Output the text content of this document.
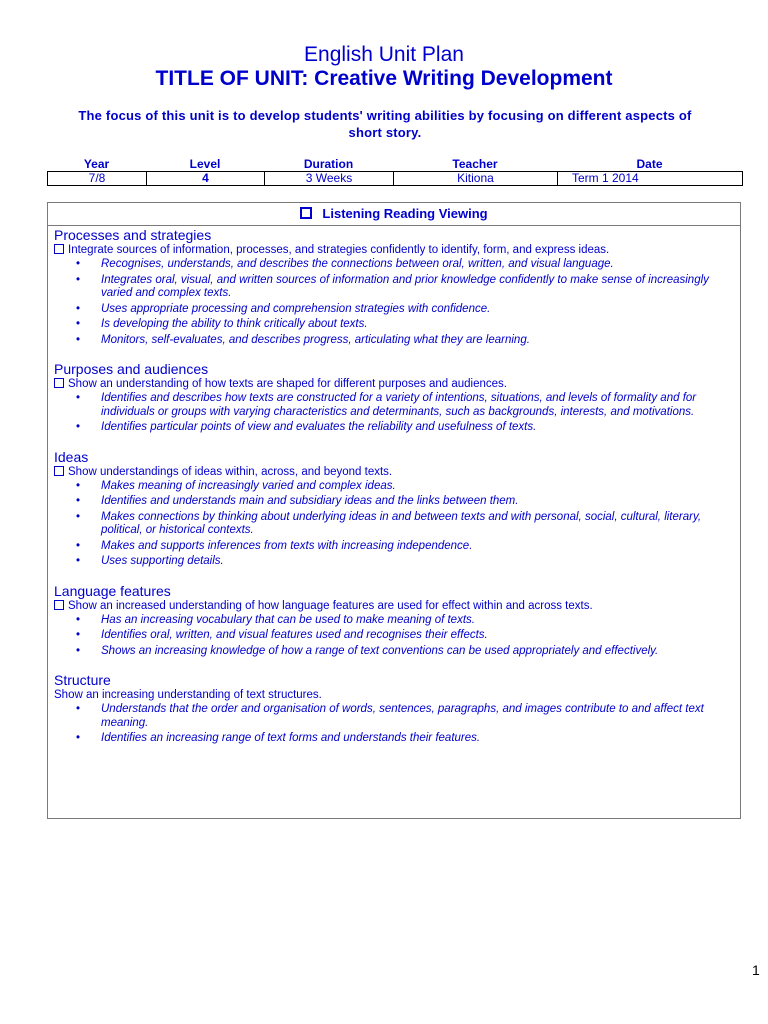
English Unit Plan
TITLE OF UNIT: Creative Writing Development
The focus of this unit is to develop students' writing abilities by focusing on different aspects of short story.
Year	Level	Duration	Teacher	Date
7/8	4	3 Weeks	Kitiona	Term 1 2014
Listening Reading Viewing
Processes and strategies
Integrate sources of information, processes, and strategies confidently to identify, form, and express ideas.
• Recognises, understands, and describes the connections between oral, written, and visual language.
• Integrates oral, visual, and written sources of information and prior knowledge confidently to make sense of increasingly varied and complex texts.
• Uses appropriate processing and comprehension strategies with confidence.
• Is developing the ability to think critically about texts.
• Monitors, self-evaluates, and describes progress, articulating what they are learning.
Purposes and audiences
Show an understanding of how texts are shaped for different purposes and audiences.
• Identifies and describes how texts are constructed for a variety of intentions, situations, and levels of formality and for individuals or groups with varying characteristics and determinants, such as backgrounds, interests, and motivations.
• Identifies particular points of view and evaluates the reliability and usefulness of texts.
Ideas
Show understandings of ideas within, across, and beyond texts.
• Makes meaning of increasingly varied and complex ideas.
• Identifies and understands main and subsidiary ideas and the links between them.
• Makes connections by thinking about underlying ideas in and between texts and with personal, social, cultural, literary, political, or historical contexts.
• Makes and supports inferences from texts with increasing independence.
• Uses supporting details.
Language features
Show an increased understanding of how language features are used for effect within and across texts.
• Has an increasing vocabulary that can be used to make meaning of texts.
• Identifies oral, written, and visual features used and recognises their effects.
• Shows an increasing knowledge of how a range of text conventions can be used appropriately and effectively.
Structure
Show an increasing understanding of text structures.
• Understands that the order and organisation of words, sentences, paragraphs, and images contribute to and affect text meaning.
• Identifies an increasing range of text forms and understands their features.
1
